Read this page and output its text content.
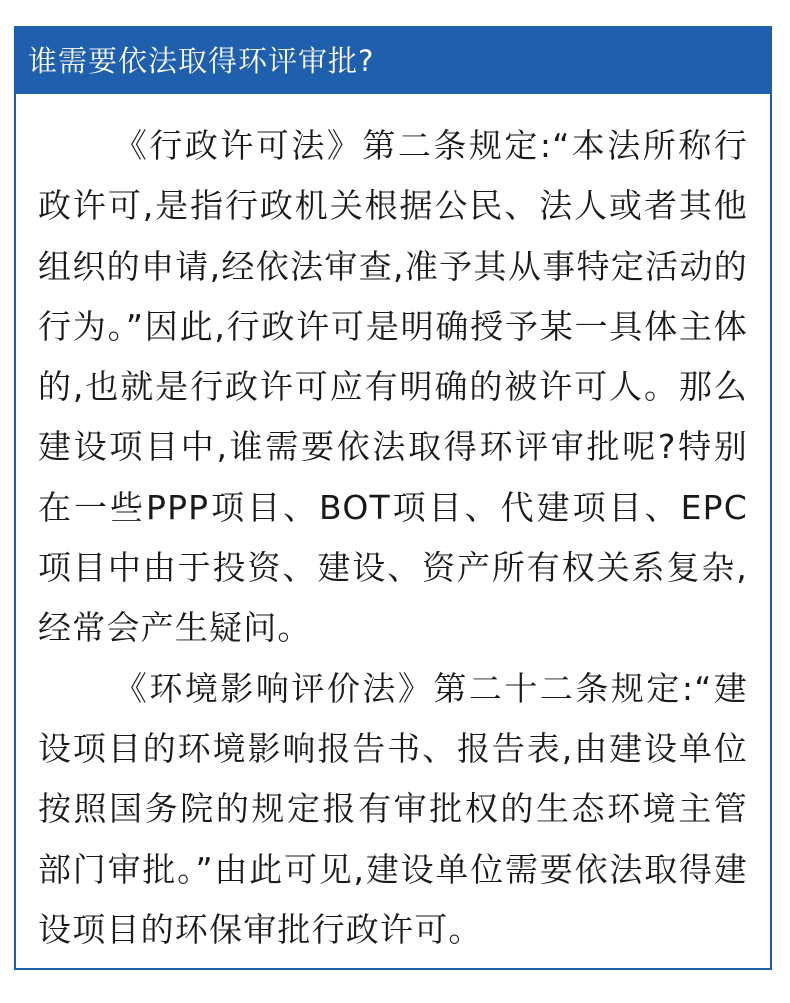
谁需要依法取得环评审批?

《行政许可法》第二条规定:“本法所称行政许可,是指行政机关根据公民、法人或者其他组织的申请,经依法审查,准予其从事特定活动的行为。”因此,行政许可是明确授予某一具体主体的,也就是行政许可应有明确的被许可人。那么建设项目中,谁需要依法取得环评审批呢?特别在一些PPP项目、BOT项目、代建项目、EPC项目中由于投资、建设、资产所有权关系复杂,经常会产生疑问。

《环境影响评价法》第二十二条规定:“建设项目的环境影响报告书、报告表,由建设单位按照国务院的规定报有审批权的生态环境主管部门审批。”由此可见,建设单位需要依法取得建设项目的环保审批行政许可。
